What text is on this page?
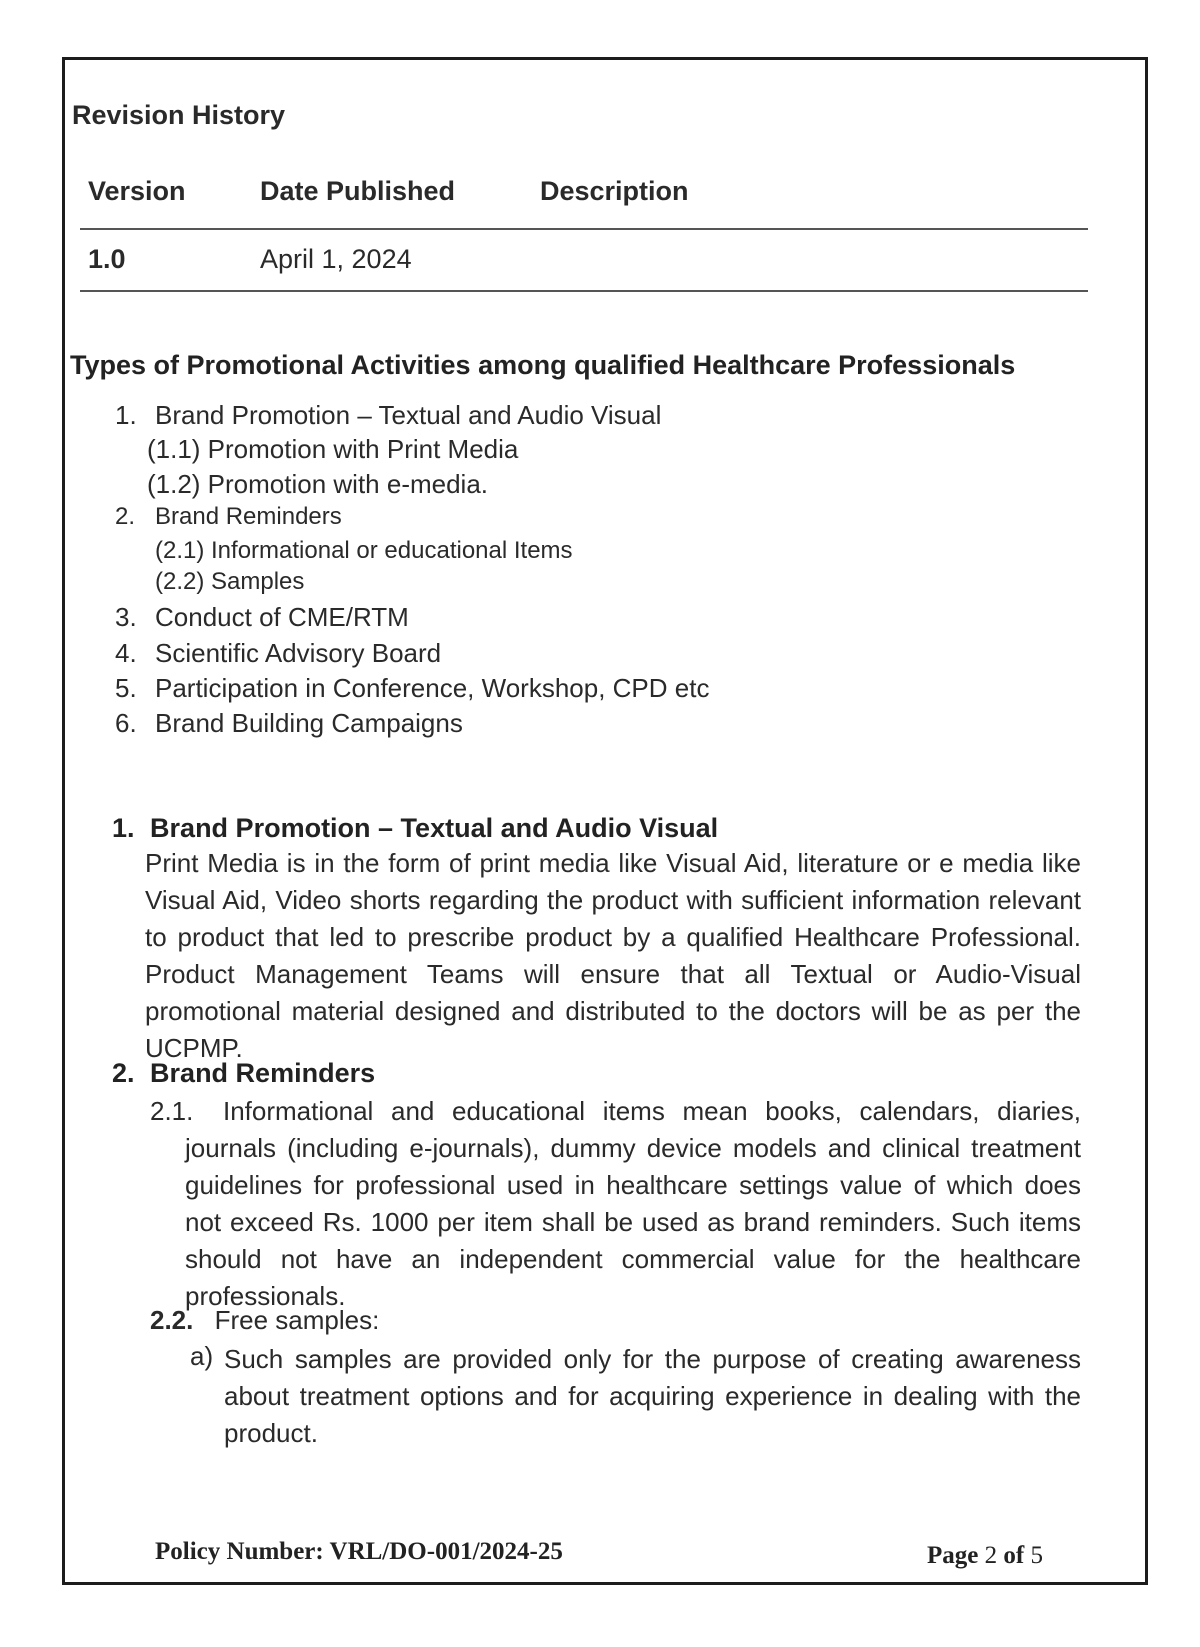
Revision History
Version	Date Published	Description
1.0	April 1, 2024
Types of Promotional Activities among qualified Healthcare Professionals
1. Brand Promotion – Textual and Audio Visual
(1.1) Promotion with Print Media
(1.2) Promotion with e-media.
2. Brand Reminders
(2.1) Informational or educational Items
(2.2) Samples
3. Conduct of CME/RTM
4. Scientific Advisory Board
5. Participation in Conference, Workshop, CPD etc
6. Brand Building Campaigns
1. Brand Promotion – Textual and Audio Visual
Print Media is in the form of print media like Visual Aid, literature or e media like Visual Aid, Video shorts regarding the product with sufficient information relevant to product that led to prescribe product by a qualified Healthcare Professional. Product Management Teams will ensure that all Textual or Audio-Visual promotional material designed and distributed to the doctors will be as per the UCPMP.
2. Brand Reminders
2.1.	Informational and educational items mean books, calendars, diaries, journals (including e-journals), dummy device models and clinical treatment guidelines for professional used in healthcare settings value of which does not exceed Rs. 1000 per item shall be used as brand reminders. Such items should not have an independent commercial value for the healthcare professionals.
2.2. Free samples:
a) Such samples are provided only for the purpose of creating awareness about treatment options and for acquiring experience in dealing with the product.
Policy Number: VRL/DO-001/2024-25	Page 2 of 5
